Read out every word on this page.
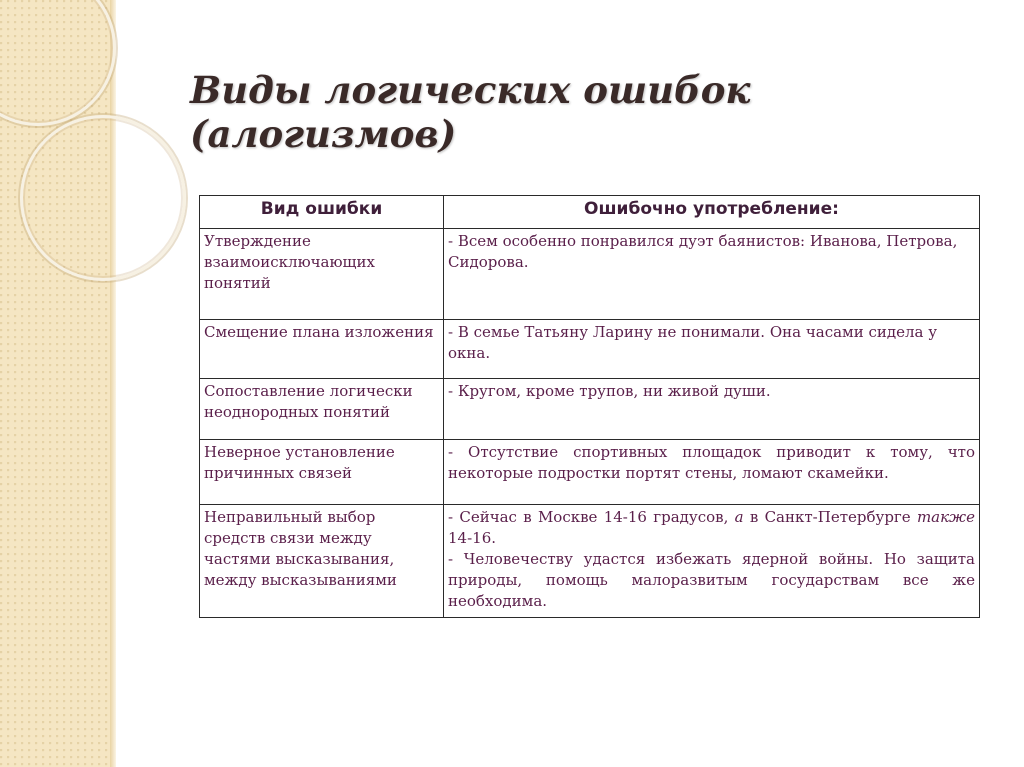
Виды логических ошибок
(алогизмов)
Вид ошибки	Ошибочно употребление:
Утверждение взаимоисключающих понятий	- Всем особенно понравился дуэт баянистов: Иванова, Петрова, Сидорова.
Смещение плана изложения	- В семье Татьяну Ларину не понимали. Она часами сидела у окна.
Сопоставление логически неоднородных понятий	- Кругом, кроме трупов, ни живой души.
Неверное установление причинных связей	- Отсутствие спортивных площадок приводит к тому, что некоторые подростки портят стены, ломают скамейки.
Неправильный выбор средств связи между частями высказывания, между высказываниями	- Сейчас в Москве 14-16 градусов, а в Санкт-Петербурге также 14-16.
- Человечеству удастся избежать ядерной войны. Но защита природы, помощь малоразвитым государствам все же необходима.
